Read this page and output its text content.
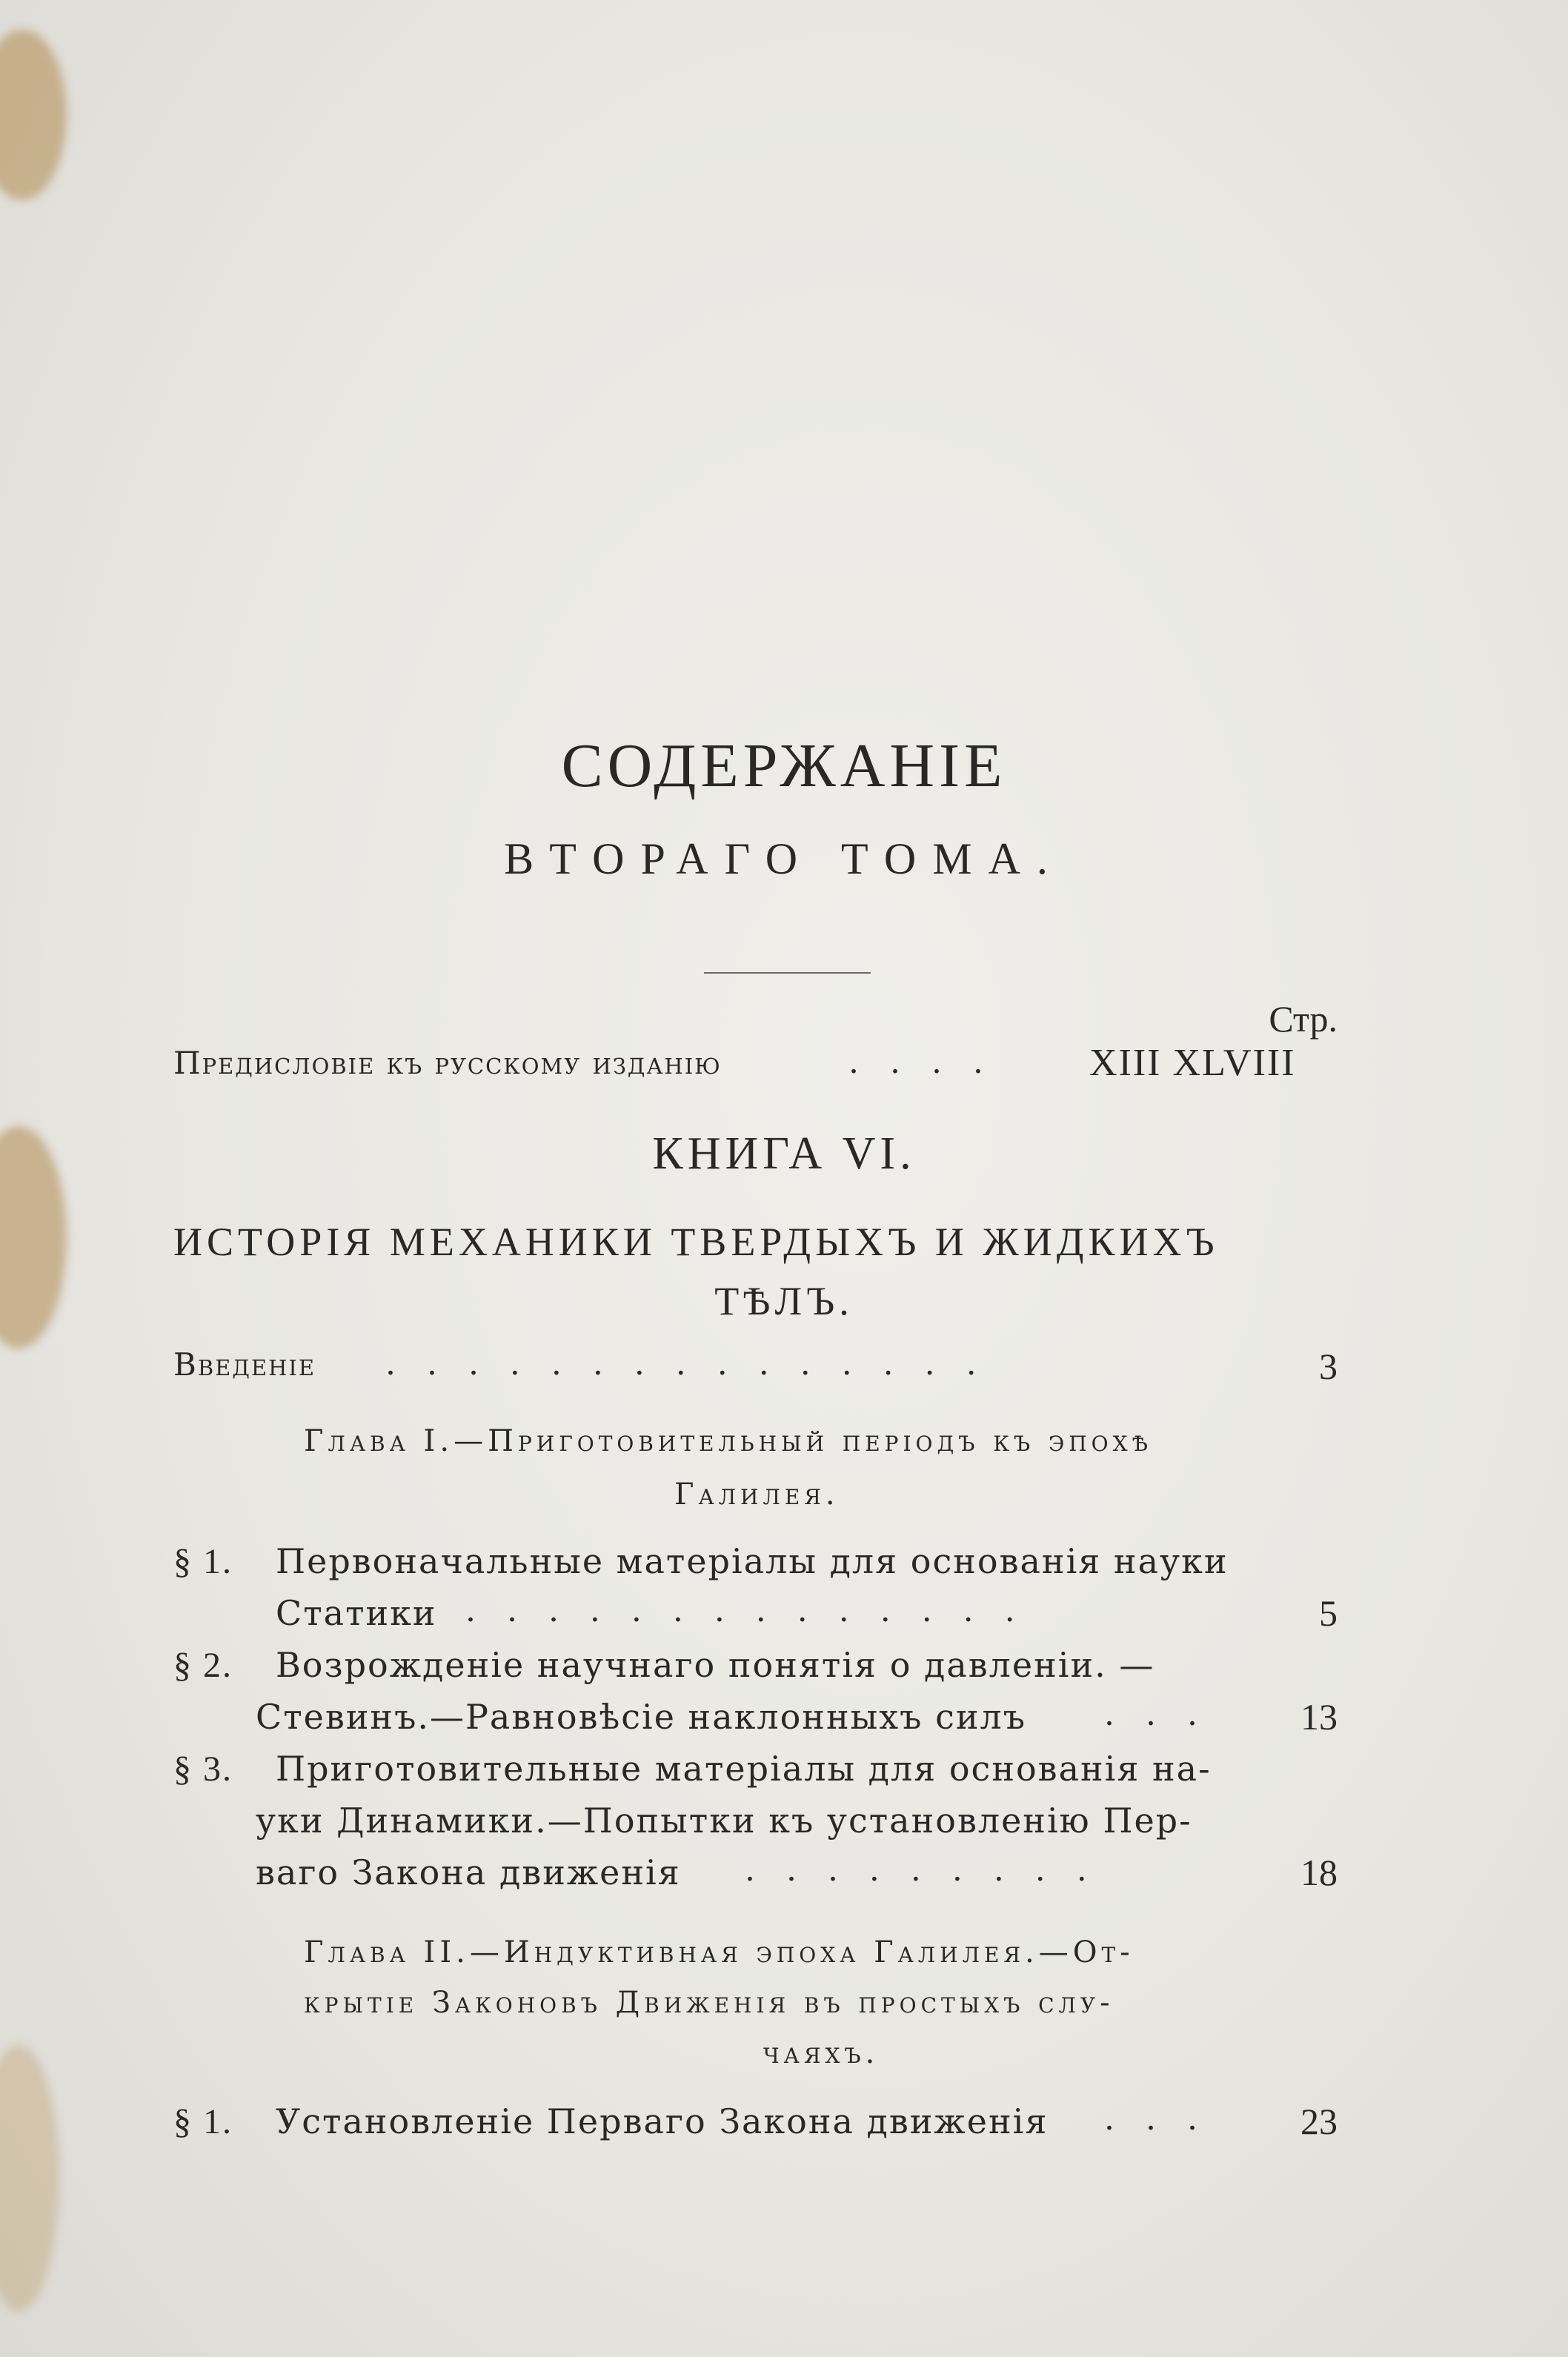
СОДЕРЖАНІЕ
ВТОРАГО ТОМА.
Стр.
Предисловіе къ русскому изданію	. . . . XIII XLVIII
КНИГА VI.
ИСТОРІЯ МЕХАНИКИ ТВЕРДЫХЪ И ЖИДКИХЪ
ТѢЛЪ.
Введеніе . . . . . . . . . . . . . . .	3
Глава I.—Приготовительный періодъ къ эпохѣ
Галилея.
§ 1. Первоначальные матеріалы для основанія науки
Статики . . . . . . . . . . . . . .	5
§ 2. Возрожденіе научнаго понятія о давленіи. —
Стевинъ.—Равновѣсіе наклонныхъ силъ . . .	13
§ 3. Приготовительные матеріалы для основанія на-
уки Динамики.—Попытки къ установленію Пер-
ваго Закона движенія . . . . . . . . .	18
Глава II.—Индуктивная эпоха Галилея.—От-
крытіе Законовъ Движенія въ простыхъ слу-
чаяхъ.
§ 1. Установленіе Перваго Закона движенія . . .	23
